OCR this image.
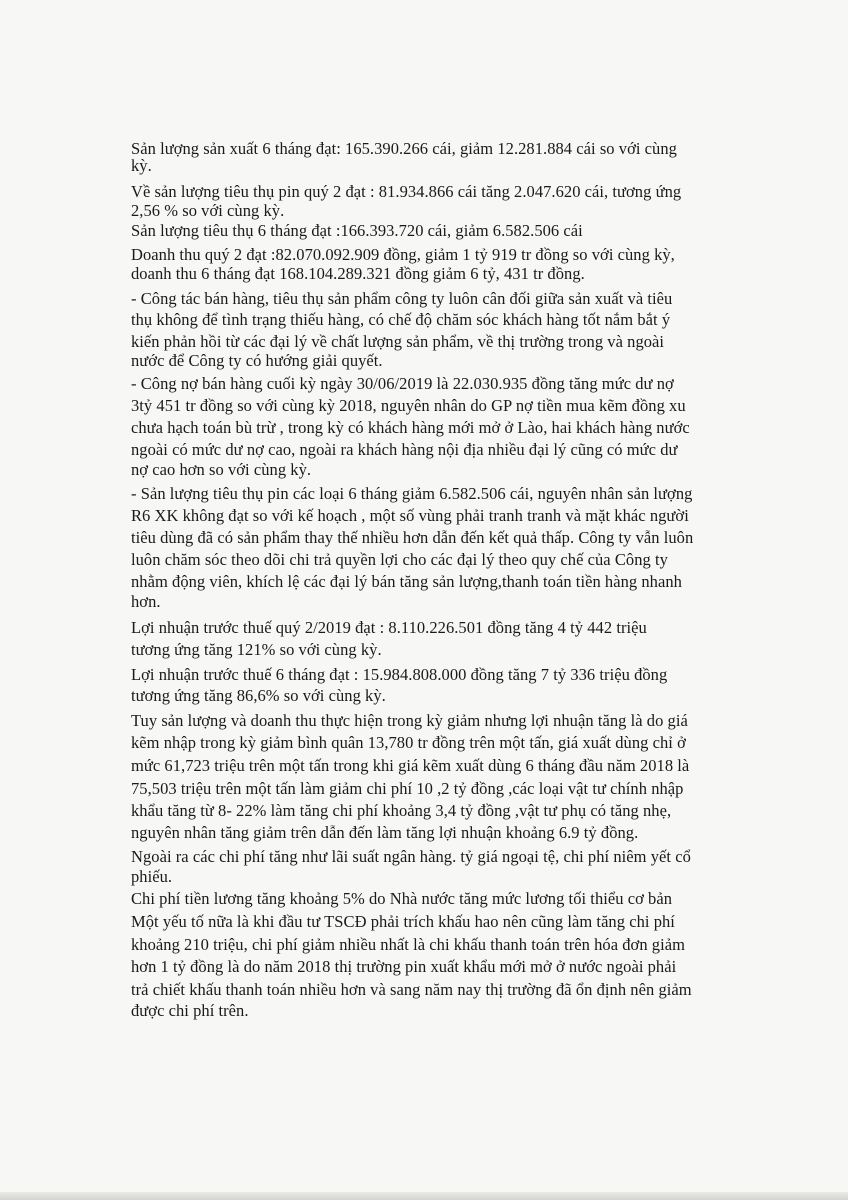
Sản lượng sản xuất 6 tháng đạt: 165.390.266 cái, giảm 12.281.884 cái so với cùng
kỳ.
Về sản lượng tiêu thụ pin quý 2 đạt : 81.934.866 cái tăng 2.047.620 cái, tương ứng
2,56 % so với cùng kỳ.
Sản lượng tiêu thụ 6 tháng đạt :166.393.720 cái, giảm 6.582.506 cái
Doanh thu quý 2 đạt :82.070.092.909 đồng, giảm 1 tỷ 919 tr đồng so với cùng kỳ,
doanh thu 6 tháng đạt 168.104.289.321 đồng giảm 6 tỷ, 431 tr đồng.
- Công tác bán hàng, tiêu thụ sản phẩm công ty luôn cân đối giữa sản xuất và tiêu
thụ không để tình trạng thiếu hàng, có chế độ chăm sóc khách hàng tốt nắm bắt ý
kiến phản hồi từ các đại lý về chất lượng sản phẩm, về thị trường trong và ngoài
nước để Công ty có hướng giải quyết.
- Công nợ bán hàng cuối kỳ ngày 30/06/2019 là 22.030.935 đồng tăng mức dư nợ
3tỷ 451 tr đồng so với cùng kỳ 2018, nguyên nhân do GP nợ tiền mua kẽm đồng xu
chưa hạch toán bù trừ , trong kỳ có khách hàng mới mở ở Lào, hai khách hàng nước
ngoài có mức dư nợ cao, ngoài ra khách hàng nội địa nhiều đại lý cũng có mức dư
nợ cao hơn so với cùng kỳ.
- Sản lượng tiêu thụ pin các loại 6 tháng giảm 6.582.506 cái, nguyên nhân sản lượng
R6 XK không đạt so với kế hoạch , một số vùng phải tranh tranh và mặt khác người
tiêu dùng đã có sản phẩm thay thế nhiều hơn dẫn đến kết quả thấp. Công ty vẫn luôn
luôn chăm sóc theo dõi chi trả quyền lợi cho các đại lý theo quy chế của Công ty
nhằm động viên, khích lệ các đại lý bán tăng sản lượng,thanh toán tiền hàng nhanh
hơn.
Lợi nhuận trước thuế quý 2/2019 đạt : 8.110.226.501 đồng tăng 4 tỷ 442 triệu
tương ứng tăng 121% so với cùng kỳ.
Lợi nhuận trước thuế 6 tháng đạt : 15.984.808.000 đồng tăng 7 tỷ 336 triệu đồng
tương ứng tăng 86,6% so với cùng kỳ.
Tuy sản lượng và doanh thu thực hiện trong kỳ giảm nhưng lợi nhuận tăng là do giá
kẽm nhập trong kỳ giảm bình quân 13,780 tr đồng trên một tấn, giá xuất dùng chỉ ở
mức 61,723 triệu trên một tấn trong khi giá kẽm xuất dùng 6 tháng đầu năm 2018 là
75,503 triệu trên một tấn làm giảm chi phí 10 ,2 tỷ đồng ,các loại vật tư chính nhập
khẩu tăng từ 8- 22% làm tăng chi phí khoảng 3,4 tỷ đồng ,vật tư phụ có tăng nhẹ,
nguyên nhân tăng giảm trên dẫn đến làm tăng lợi nhuận khoảng 6.9 tỷ đồng.
Ngoài ra các chi phí tăng như lãi suất ngân hàng. tỷ giá ngoại tệ, chi phí niêm yết cổ
phiếu.
Chi phí tiền lương tăng khoảng 5% do Nhà nước tăng mức lương tối thiểu cơ bản
Một yếu tố nữa là khi đầu tư TSCĐ phải trích khấu hao nên cũng làm tăng chi phí
khoảng 210 triệu, chi phí giảm nhiều nhất là chi khấu thanh toán trên hóa đơn giảm
hơn 1 tỷ đồng là do năm 2018 thị trường pin xuất khẩu mới mở ở nước ngoài phải
trả chiết khấu thanh toán nhiều hơn và sang năm nay thị trường đã ổn định nên giảm
được chi phí trên.
